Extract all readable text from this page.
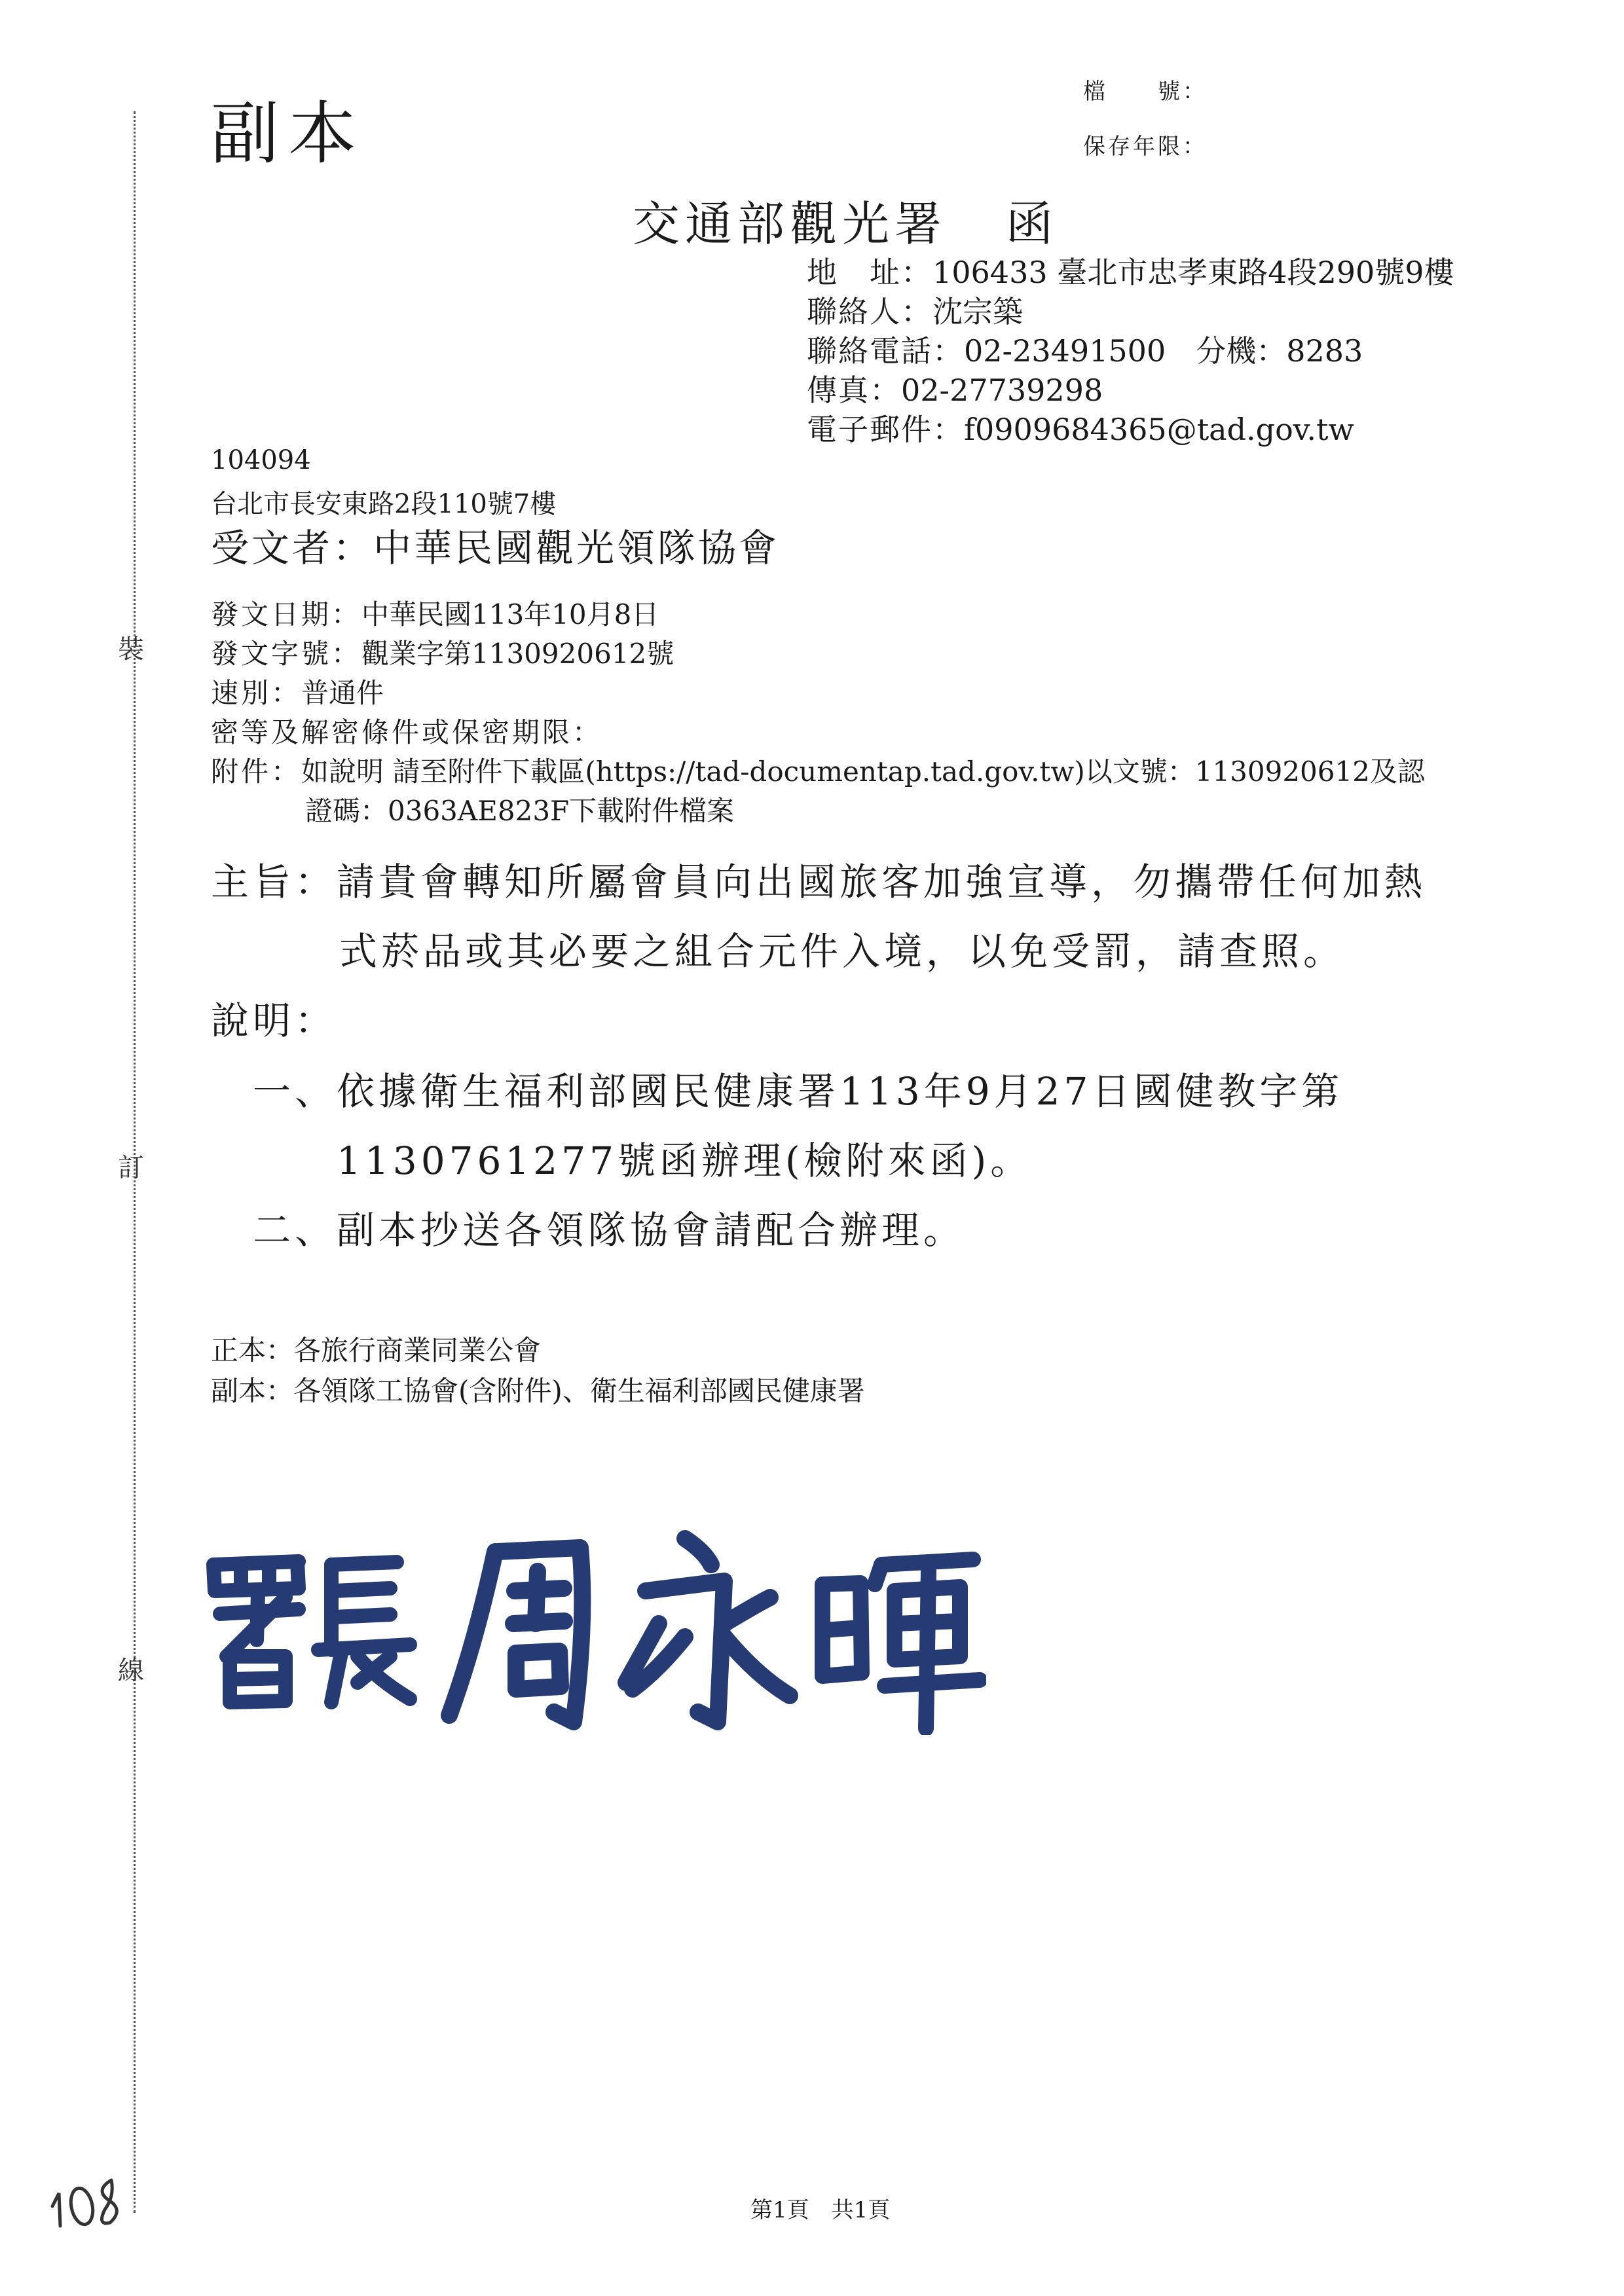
裝
訂
線
副本
檔　　號：
保存年限：
交通部觀光署 函
地　址：106433 臺北市忠孝東路4段290號9樓
聯絡人：沈宗築
聯絡電話：02-23491500　分機：8283
傳真：02-27739298
電子郵件：f0909684365@tad.gov.tw
104094
台北市長安東路2段110號7樓
受文者：中華民國觀光領隊協會
發文日期：中華民國113年10月8日
發文字號：觀業字第1130920612號
速別：普通件
密等及解密條件或保密期限：
附件：如說明 請至附件下載區(https://tad-documentap.tad.gov.tw)以文號：1130920612及認
證碼：0363AE823F下載附件檔案
主旨：請貴會轉知所屬會員向出國旅客加強宣導，勿攜帶任何加熱
式菸品或其必要之組合元件入境，以免受罰，請查照。
說明：
一、依據衛生福利部國民健康署113年9月27日國健教字第
1130761277號函辦理(檢附來函)。
二、副本抄送各領隊協會請配合辦理。
正本：各旅行商業同業公會
副本：各領隊工協會(含附件)、衛生福利部國民健康署
第1頁　共1頁
